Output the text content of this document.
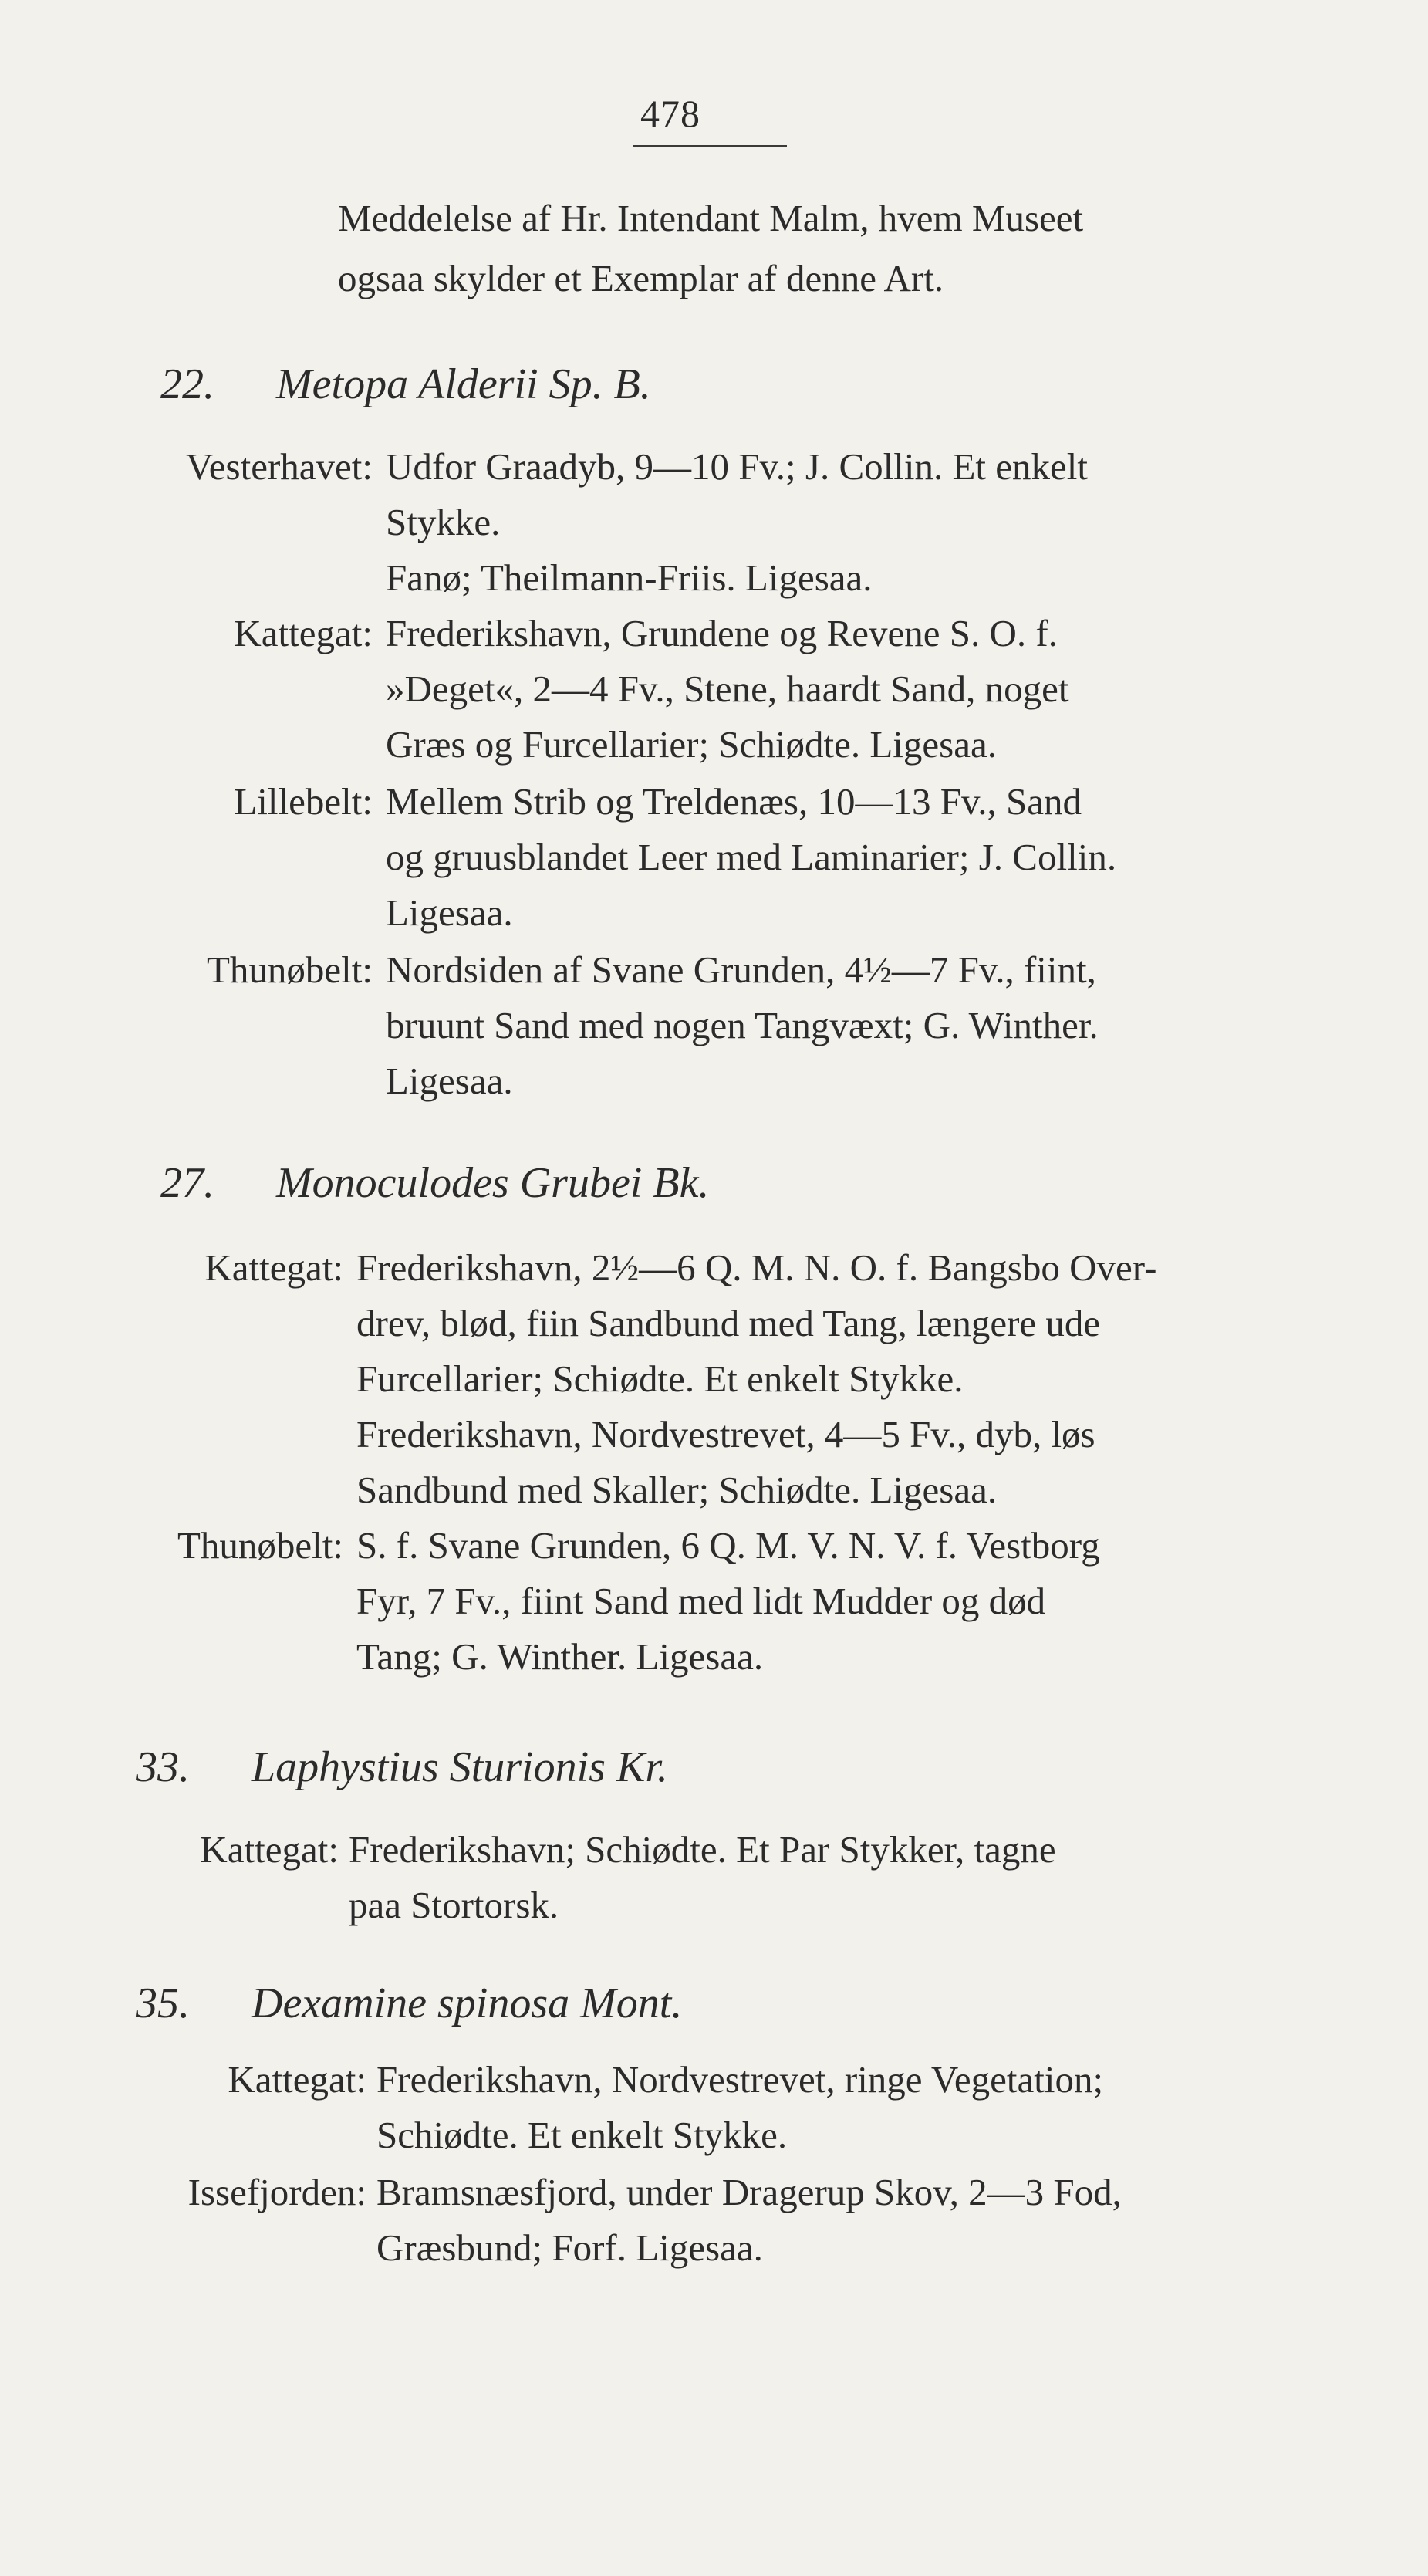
478
Meddelelse af Hr. Intendant Malm, hvem Museet
ogsaa skylder et Exemplar af denne Art.
22. Metopa Alderii Sp. B.
Vesterhavet: Udfor Graadyb, 9—10 Fv.; J. Collin. Et enkelt
Stykke.
Fanø; Theilmann-Friis. Ligesaa.
Kattegat: Frederikshavn, Grundene og Revene S. O. f.
»Deget«, 2—4 Fv., Stene, haardt Sand, noget
Græs og Furcellarier; Schiødte. Ligesaa.
Lillebelt: Mellem Strib og Treldenæs, 10—13 Fv., Sand
og gruusblandet Leer med Laminarier; J. Collin.
Ligesaa.
Thunøbelt: Nordsiden af Svane Grunden, 4½—7 Fv., fiint,
bruunt Sand med nogen Tangvæxt; G. Winther.
Ligesaa.
27. Monoculodes Grubei Bk.
Kattegat: Frederikshavn, 2½—6 Q. M. N. O. f. Bangsbo Over-
drev, blød, fiin Sandbund med Tang, længere ude
Furcellarier; Schiødte. Et enkelt Stykke.
Frederikshavn, Nordvestrevet, 4—5 Fv., dyb, løs
Sandbund med Skaller; Schiødte. Ligesaa.
Thunøbelt: S. f. Svane Grunden, 6 Q. M. V. N. V. f. Vestborg
Fyr, 7 Fv., fiint Sand med lidt Mudder og død
Tang; G. Winther. Ligesaa.
33. Laphystius Sturionis Kr.
Kattegat: Frederikshavn; Schiødte. Et Par Stykker, tagne
paa Stortorsk.
35. Dexamine spinosa Mont.
Kattegat: Frederikshavn, Nordvestrevet, ringe Vegetation;
Schiødte. Et enkelt Stykke.
Issefjorden: Bramsnæsfjord, under Dragerup Skov, 2—3 Fod,
Græsbund; Forf. Ligesaa.
